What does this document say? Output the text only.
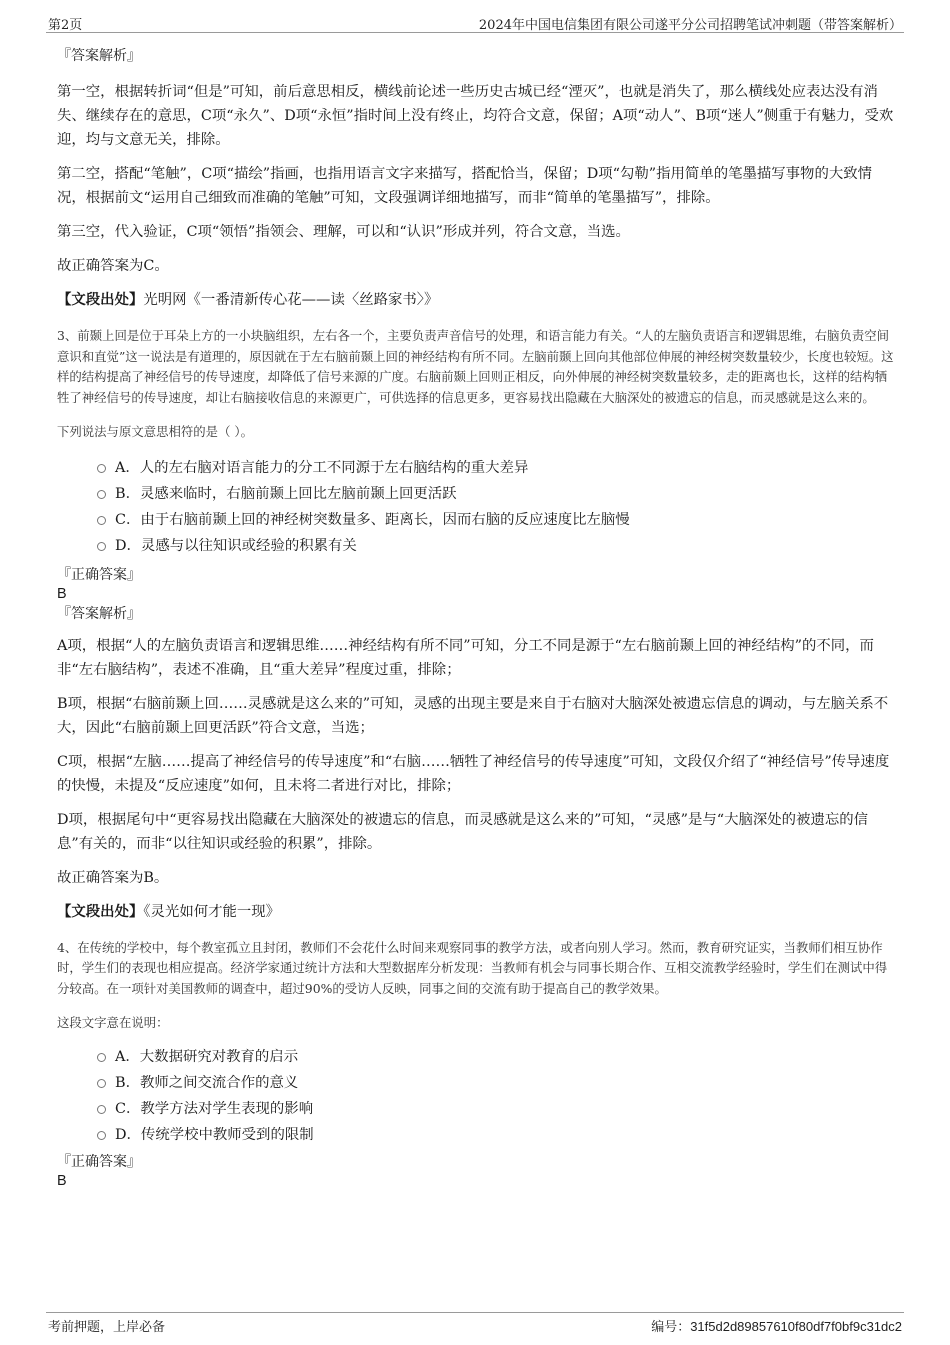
第2页	2024年中国电信集团有限公司遂平分公司招聘笔试冲刺题（带答案解析）

『答案解析』

第一空，根据转折词“但是”可知，前后意思相反，横线前论述一些历史古城已经“湮灭”，也就是消失了，那么横线处应表达没有消失、继续存在的意思，C项“永久”、D项“永恒”指时间上没有终止，均符合文意，保留；A项“动人”、B项“迷人”侧重于有魅力，受欢迎，均与文意无关，排除。

第二空，搭配“笔触”，C项“描绘”指画，也指用语言文字来描写，搭配恰当，保留；D项“勾勒”指用简单的笔墨描写事物的大致情况，根据前文“运用自己细致而准确的笔触”可知，文段强调详细地描写，而非“简单的笔墨描写”，排除。

第三空，代入验证，C项“领悟”指领会、理解，可以和“认识”形成并列，符合文意，当选。

故正确答案为C。

【文段出处】光明网《一番清新传心花——读〈丝路家书〉》

3、前颞上回是位于耳朵上方的一小块脑组织，左右各一个，主要负责声音信号的处理，和语言能力有关。“人的左脑负责语言和逻辑思维，右脑负责空间意识和直觉”这一说法是有道理的，原因就在于左右脑前颞上回的神经结构有所不同。左脑前颞上回向其他部位伸展的神经树突数量较少，长度也较短。这样的结构提高了神经信号的传导速度，却降低了信号来源的广度。右脑前颞上回则正相反，向外伸展的神经树突数量较多，走的距离也长，这样的结构牺牲了神经信号的传导速度，却让右脑接收信息的来源更广，可供选择的信息更多，更容易找出隐藏在大脑深处的被遗忘的信息，而灵感就是这么来的。

下列说法与原文意思相符的是（ ）。

A．人的左右脑对语言能力的分工不同源于左右脑结构的重大差异
B．灵感来临时，右脑前颞上回比左脑前颞上回更活跃
C．由于右脑前颞上回的神经树突数量多、距离长，因而右脑的反应速度比左脑慢
D．灵感与以往知识或经验的积累有关

『正确答案』

B

『答案解析』

A项，根据“人的左脑负责语言和逻辑思维……神经结构有所不同”可知，分工不同是源于“左右脑前颞上回的神经结构”的不同，而非“左右脑结构”，表述不准确，且“重大差异”程度过重，排除；

B项，根据“右脑前颞上回……灵感就是这么来的”可知，灵感的出现主要是来自于右脑对大脑深处被遗忘信息的调动，与左脑关系不大，因此“右脑前颞上回更活跃”符合文意，当选；

C项，根据“左脑……提高了神经信号的传导速度”和“右脑……牺牲了神经信号的传导速度”可知，文段仅介绍了“神经信号”传导速度的快慢，未提及“反应速度”如何，且未将二者进行对比，排除；

D项，根据尾句中“更容易找出隐藏在大脑深处的被遗忘的信息，而灵感就是这么来的”可知，“灵感”是与“大脑深处的被遗忘的信息”有关的，而非“以往知识或经验的积累”，排除。

故正确答案为B。

【文段出处】《灵光如何才能一现》

4、在传统的学校中，每个教室孤立且封闭，教师们不会花什么时间来观察同事的教学方法，或者向别人学习。然而，教育研究证实，当教师们相互协作时，学生们的表现也相应提高。经济学家通过统计方法和大型数据库分析发现：当教师有机会与同事长期合作、互相交流教学经验时，学生们在测试中得分较高。在一项针对美国教师的调查中，超过90%的受访人反映，同事之间的交流有助于提高自己的教学效果。

这段文字意在说明：

A．大数据研究对教育的启示
B．教师之间交流合作的意义
C．教学方法对学生表现的影响
D．传统学校中教师受到的限制

『正确答案』

B

考前押题，上岸必备	编号：31f5d2d89857610f80df7f0bf9c31dc2
